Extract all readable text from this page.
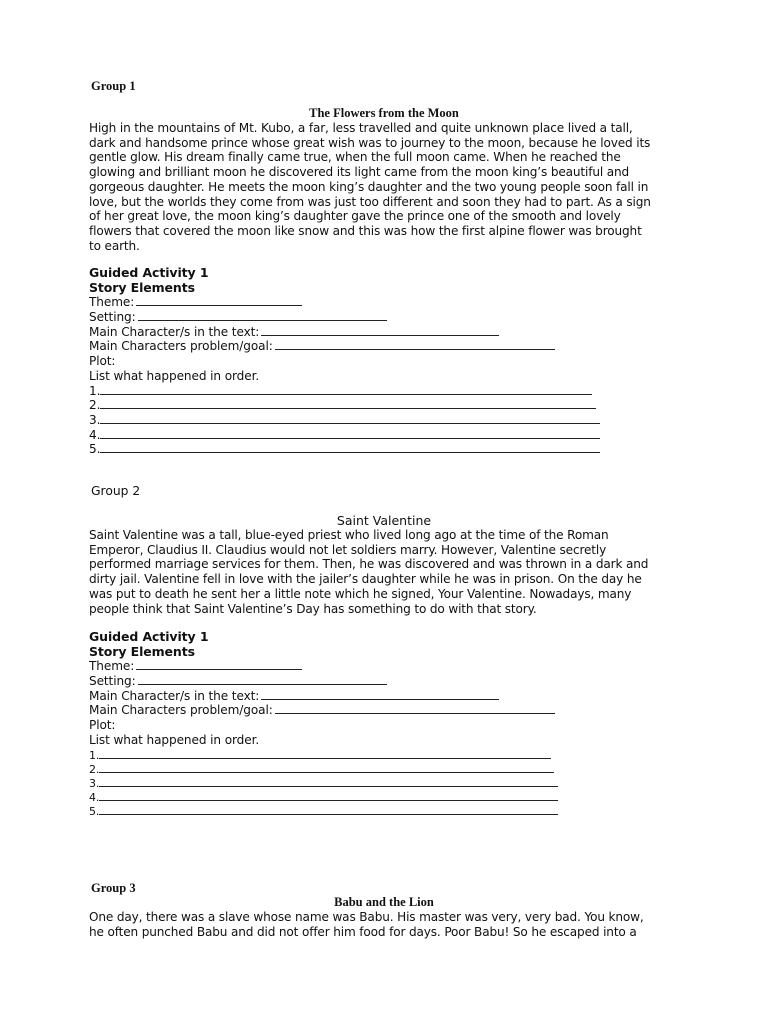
Group 1
The Flowers from the Moon

High in the mountains of Mt. Kubo, a far, less travelled and quite unknown place lived a tall,

dark and handsome prince whose great wish was to journey to the moon, because he loved its

gentle glow. His dream finally came true, when the full moon came. When he reached the

glowing and brilliant moon he discovered its light came from the moon king’s beautiful and

gorgeous daughter. He meets the moon king’s daughter and the two young people soon fall in

love, but the worlds they come from was just too different and soon they had to part. As a sign

of her great love, the moon king’s daughter gave the prince one of the smooth and lovely

flowers that covered the moon like snow and this was how the first alpine flower was brought

to earth.

Guided Activity 1
Story Elements
Theme:
Setting:
Main Character/s in the text:
Main Characters problem/goal:
Plot:
List what happened in order.
1.
2.
3.
4.
5.
Group 2
Saint Valentine

Saint Valentine was a tall, blue-eyed priest who lived long ago at the time of the Roman

Emperor, Claudius II. Claudius would not let soldiers marry. However, Valentine secretly

performed marriage services for them. Then, he was discovered and was thrown in a dark and

dirty jail. Valentine fell in love with the jailer’s daughter while he was in prison. On the day he

was put to death he sent her a little note which he signed, Your Valentine. Nowadays, many

people think that Saint Valentine’s Day has something to do with that story.

Guided Activity 1
Story Elements
Theme:
Setting:
Main Character/s in the text:
Main Characters problem/goal:
Plot:
List what happened in order.
1.
2.
3.
4.
5.
Group 3
Babu and the Lion

One day, there was a slave whose name was Babu. His master was very, very bad. You know,

he often punched Babu and did not offer him food for days. Poor Babu! So he escaped into a
